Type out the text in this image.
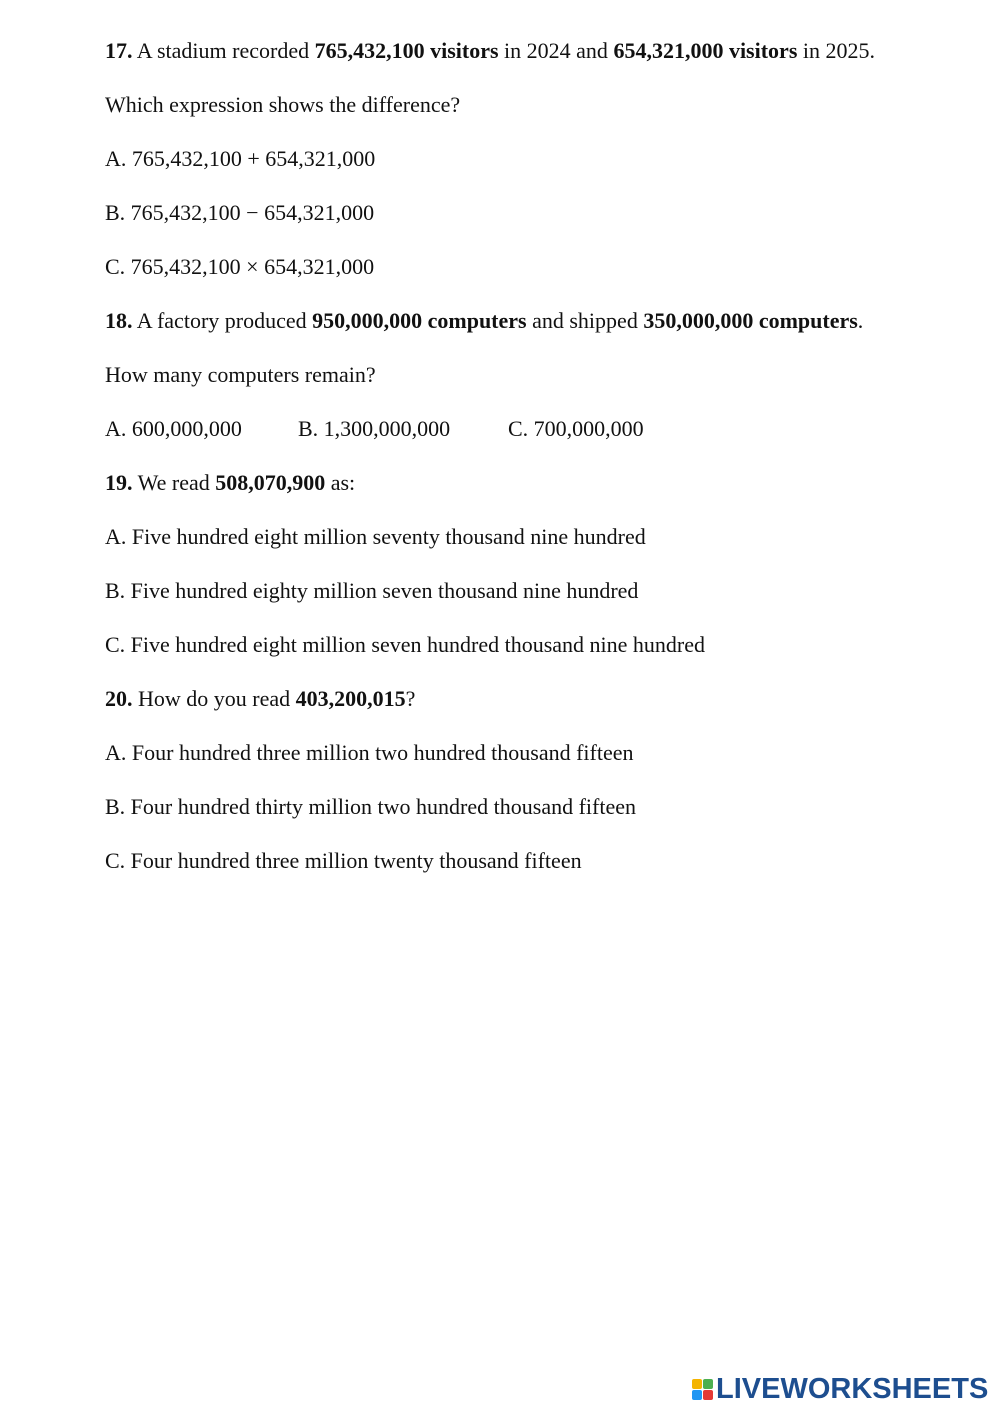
17. A stadium recorded 765,432,100 visitors in 2024 and 654,321,000 visitors in 2025.
Which expression shows the difference?
A. 765,432,100 + 654,321,000
B. 765,432,100 − 654,321,000
C. 765,432,100 × 654,321,000
18. A factory produced 950,000,000 computers and shipped 350,000,000 computers.
How many computers remain?
A. 600,000,000	B. 1,300,000,000	C. 700,000,000
19. We read 508,070,900 as:
A. Five hundred eight million seventy thousand nine hundred
B. Five hundred eighty million seven thousand nine hundred
C. Five hundred eight million seven hundred thousand nine hundred
20. How do you read 403,200,015?
A. Four hundred three million two hundred thousand fifteen
B. Four hundred thirty million two hundred thousand fifteen
C. Four hundred three million twenty thousand fifteen
LIVEWORKSHEETS
